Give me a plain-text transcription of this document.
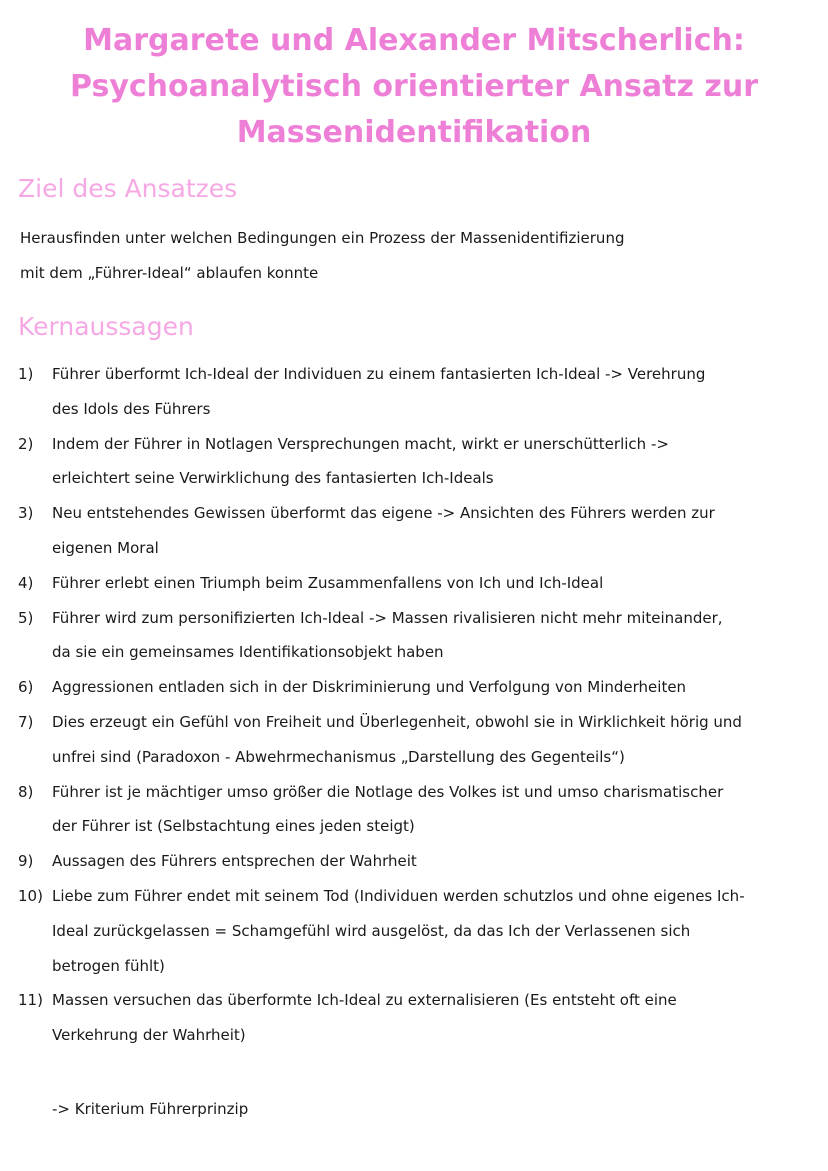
Margarete und Alexander Mitscherlich:
Psychoanalytisch orientierter Ansatz zur
Massenidentifikation
Ziel des Ansatzes
Herausfinden unter welchen Bedingungen ein Prozess der Massenidentifizierung
mit dem „Führer-Ideal“ ablaufen konnte
Kernaussagen
1) Führer überformt Ich-Ideal der Individuen zu einem fantasierten Ich-Ideal -> Verehrung
des Idols des Führers
2) Indem der Führer in Notlagen Versprechungen macht, wirkt er unerschütterlich ->
erleichtert seine Verwirklichung des fantasierten Ich-Ideals
3) Neu entstehendes Gewissen überformt das eigene -> Ansichten des Führers werden zur
eigenen Moral
4) Führer erlebt einen Triumph beim Zusammenfallens von Ich und Ich-Ideal
5) Führer wird zum personifizierten Ich-Ideal -> Massen rivalisieren nicht mehr miteinander,
da sie ein gemeinsames Identifikationsobjekt haben
6) Aggressionen entladen sich in der Diskriminierung und Verfolgung von Minderheiten
7) Dies erzeugt ein Gefühl von Freiheit und Überlegenheit, obwohl sie in Wirklichkeit hörig und
unfrei sind (Paradoxon - Abwehrmechanismus „Darstellung des Gegenteils“)
8) Führer ist je mächtiger umso größer die Notlage des Volkes ist und umso charismatischer
der Führer ist (Selbstachtung eines jeden steigt)
9) Aussagen des Führers entsprechen der Wahrheit
10) Liebe zum Führer endet mit seinem Tod (Individuen werden schutzlos und ohne eigenes Ich-
Ideal zurückgelassen = Schamgefühl wird ausgelöst, da das Ich der Verlassenen sich
betrogen fühlt)
11) Massen versuchen das überformte Ich-Ideal zu externalisieren (Es entsteht oft eine
Verkehrung der Wahrheit)
-> Kriterium Führerprinzip
